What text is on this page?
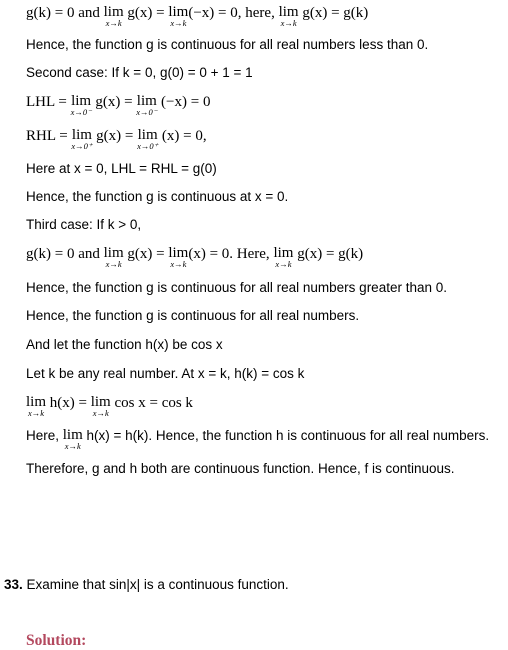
g(k) = 0 and lim
x→k
g(x) = lim
x→k
(−x) = 0, here, lim
x→k
g(x) = g(k)
Hence, the function g is continuous for all real numbers less than 0.
Second case: If k = 0, g(0) = 0 + 1 = 1
LHL = lim
x→0⁻
g(x) = lim
x→0⁻
(−x) = 0
RHL = lim
x→0⁺
g(x) = lim
x→0⁺
(x) = 0,
Here at x = 0, LHL = RHL = g(0)
Hence, the function g is continuous at x = 0.
Third case: If k > 0,
g(k) = 0 and lim
x→k
g(x) = lim
x→k
(x) = 0. Here, lim
x→k
g(x) = g(k)
Hence, the function g is continuous for all real numbers greater than 0.
Hence, the function g is continuous for all real numbers.
And let the function h(x) be cos x
Let k be any real number. At x = k, h(k) = cos k
lim
x→k
h(x) = lim
x→k
cos x = cos k
Here, lim
x→k
h(x) = h(k). Hence, the function h is continuous for all real numbers.
Therefore, g and h both are continuous function. Hence, f is continuous.
33. Examine that sin|x| is a continuous function.
Solution:
